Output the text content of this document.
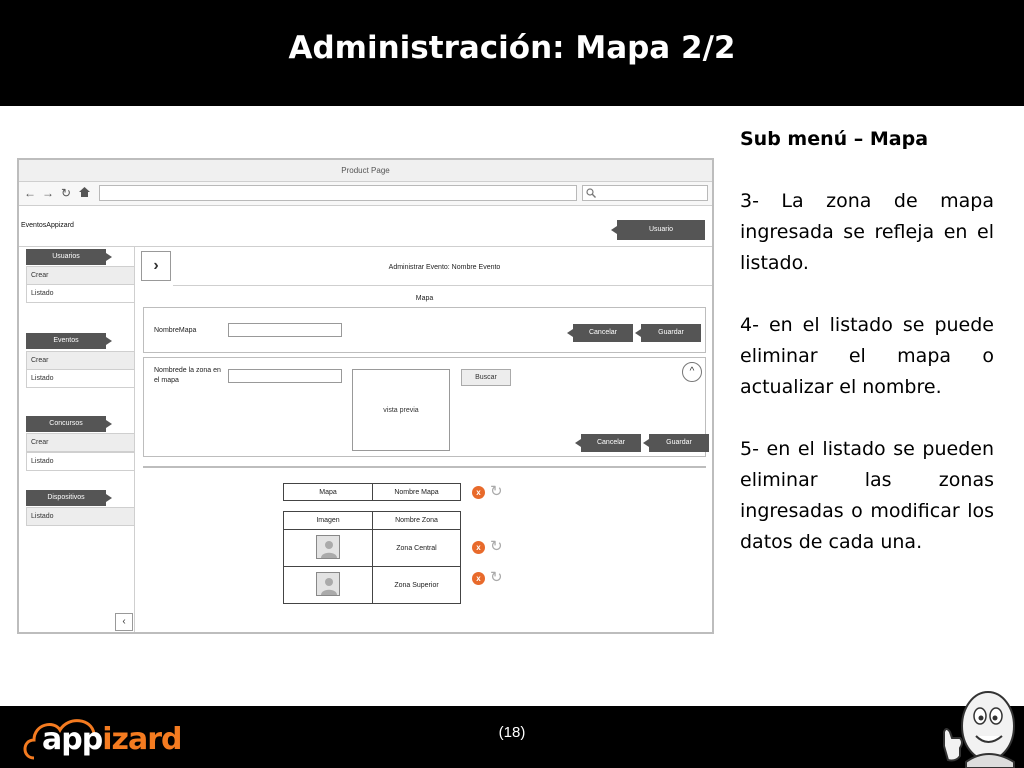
Administración: Mapa 2/2
Sub menú – Mapa

3- La zona de mapa ingresada se refleja en el listado.

4- en el listado se puede eliminar el mapa o actualizar el nombre.

5- en el listado se pueden eliminar las zonas ingresadas o modificar los datos de cada una.

Product Page
← → ↻
EventosAppizard
Usuario
Usuarios
Crear
Listado
Eventos
Crear
Listado
Concursos
Crear
Listado
Dispositivos
Listado
‹
›	Administrar Evento: Nombre Evento
Mapa
NombreMapa	Cancelar	Guardar
Nombrede la zona en el mapa	Buscar
vista previa
^
Cancelar	Guardar
Mapa	Nombre Mapa	x ↻
Imagen	Nombre Zona

	Zona Central

	Zona Superior
x ↻
x ↻
appizard	(18)
